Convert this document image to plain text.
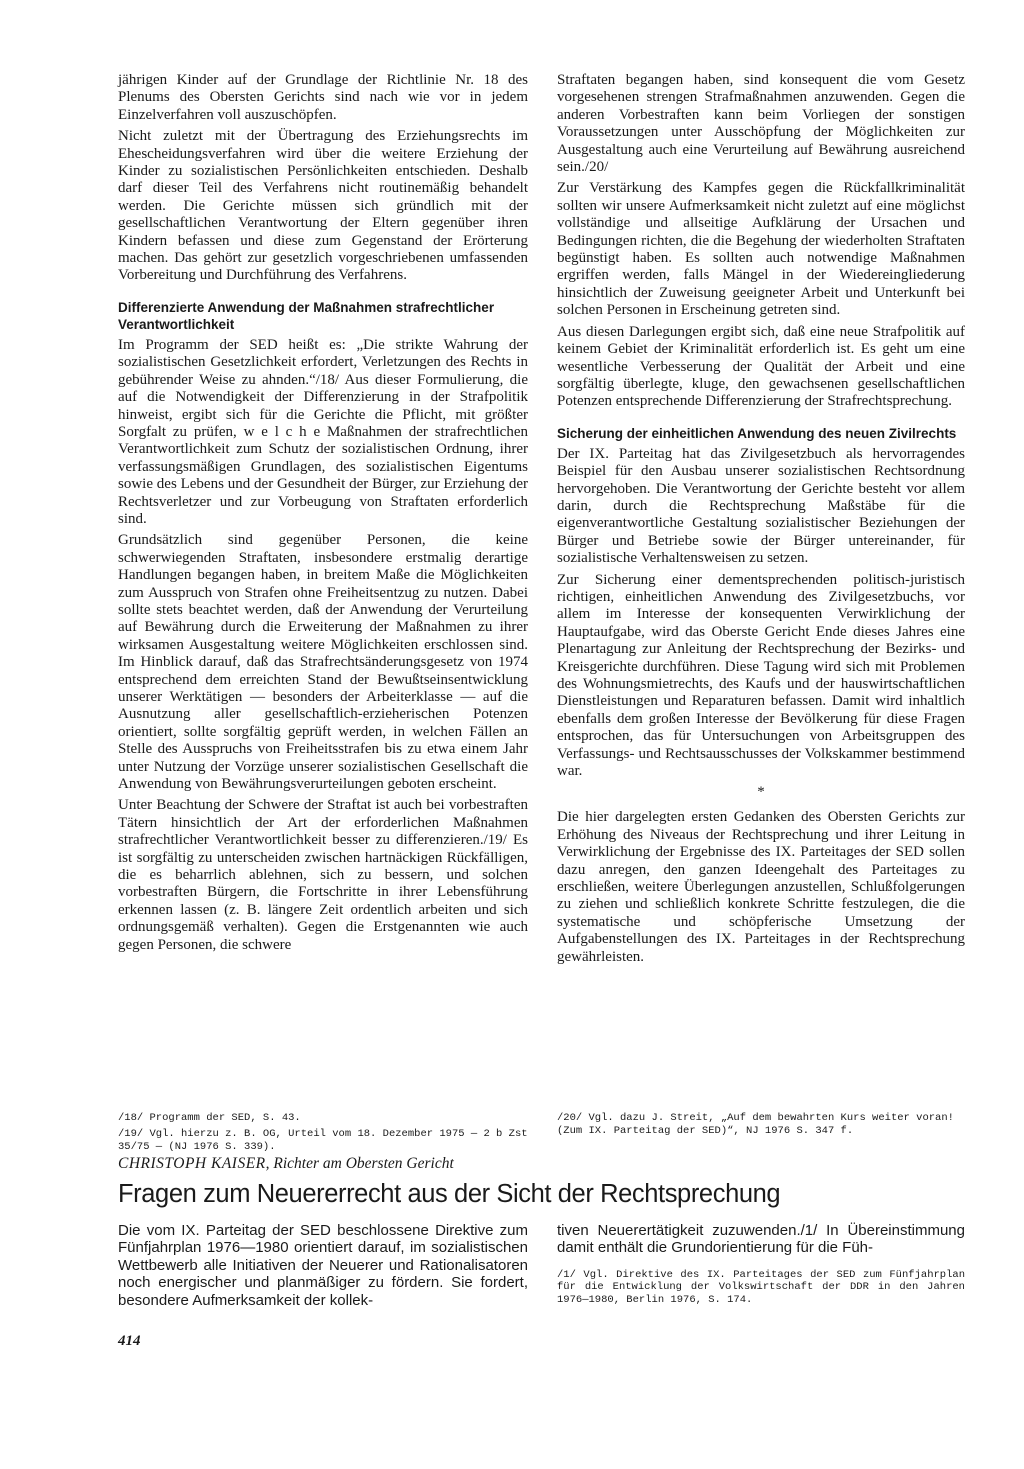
jährigen Kinder auf der Grundlage der Richtlinie Nr. 18 des Plenums des Obersten Gerichts sind nach wie vor in jedem Einzelverfahren voll auszuschöpfen.

Nicht zuletzt mit der Übertragung des Erziehungsrechts im Ehescheidungsverfahren wird über die weitere Erziehung der Kinder zu sozialistischen Persönlichkeiten entschieden. Deshalb darf dieser Teil des Verfahrens nicht routinemäßig behandelt werden. Die Gerichte müssen sich gründlich mit der gesellschaftlichen Verantwortung der Eltern gegenüber ihren Kindern befassen und diese zum Gegenstand der Erörterung machen. Das gehört zur gesetzlich vorgeschriebenen umfassenden Vorbereitung und Durchführung des Verfahrens.

Differenzierte Anwendung der Maßnahmen strafrechtlicher Verantwortlichkeit

Im Programm der SED heißt es: „Die strikte Wahrung der sozialistischen Gesetzlichkeit erfordert, Verletzungen des Rechts in gebührender Weise zu ahnden.“/18/ Aus dieser Formulierung, die auf die Notwendigkeit der Differenzierung in der Strafpolitik hinweist, ergibt sich für die Gerichte die Pflicht, mit größter Sorgfalt zu prüfen, w e l c h e Maßnahmen der strafrechtlichen Verantwortlichkeit zum Schutz der sozialistischen Ordnung, ihrer verfassungsmäßigen Grundlagen, des sozialistischen Eigentums sowie des Lebens und der Gesundheit der Bürger, zur Erziehung der Rechtsverletzer und zur Vorbeugung von Straftaten erforderlich sind.

Grundsätzlich sind gegenüber Personen, die keine schwerwiegenden Straftaten, insbesondere erstmalig derartige Handlungen begangen haben, in breitem Maße die Möglichkeiten zum Ausspruch von Strafen ohne Freiheitsentzug zu nutzen. Dabei sollte stets beachtet werden, daß der Anwendung der Verurteilung auf Bewährung durch die Erweiterung der Maßnahmen zu ihrer wirksamen Ausgestaltung weitere Möglichkeiten erschlossen sind. Im Hinblick darauf, daß das Strafrechtsänderungsgesetz von 1974 entsprechend dem erreichten Stand der Bewußtseinsentwicklung unserer Werktätigen — besonders der Arbeiterklasse — auf die Ausnutzung aller gesellschaftlich-erzieherischen Potenzen orientiert, sollte sorgfältig geprüft werden, in welchen Fällen an Stelle des Ausspruchs von Freiheitsstrafen bis zu etwa einem Jahr unter Nutzung der Vorzüge unserer sozialistischen Gesellschaft die Anwendung von Bewährungsverurteilungen geboten erscheint.

Unter Beachtung der Schwere der Straftat ist auch bei vorbestraften Tätern hinsichtlich der Art der erforderlichen Maßnahmen strafrechtlicher Verantwortlichkeit besser zu differenzieren./19/ Es ist sorgfältig zu unterscheiden zwischen hartnäckigen Rückfälligen, die es beharrlich ablehnen, sich zu bessern, und solchen vorbestraften Bürgern, die Fortschritte in ihrer Lebensführung erkennen lassen (z. B. längere Zeit ordentlich arbeiten und sich ordnungsgemäß verhalten). Gegen die Erstgenannten wie auch gegen Personen, die schwere

Straftaten begangen haben, sind konsequent die vom Gesetz vorgesehenen strengen Strafmaßnahmen anzuwenden. Gegen die anderen Vorbestraften kann beim Vorliegen der sonstigen Voraussetzungen unter Ausschöpfung der Möglichkeiten zur Ausgestaltung auch eine Verurteilung auf Bewährung ausreichend sein./20/

Zur Verstärkung des Kampfes gegen die Rückfallkriminalität sollten wir unsere Aufmerksamkeit nicht zuletzt auf eine möglichst vollständige und allseitige Aufklärung der Ursachen und Bedingungen richten, die die Begehung der wiederholten Straftaten begünstigt haben. Es sollten auch notwendige Maßnahmen ergriffen werden, falls Mängel in der Wiedereingliederung hinsichtlich der Zuweisung geeigneter Arbeit und Unterkunft bei solchen Personen in Erscheinung getreten sind.

Aus diesen Darlegungen ergibt sich, daß eine neue Strafpolitik auf keinem Gebiet der Kriminalität erforderlich ist. Es geht um eine wesentliche Verbesserung der Qualität der Arbeit und eine sorgfältig überlegte, kluge, den gewachsenen gesellschaftlichen Potenzen entsprechende Differenzierung der Strafrechtsprechung.

Sicherung der einheitlichen Anwendung des neuen Zivilrechts

Der IX. Parteitag hat das Zivilgesetzbuch als hervorragendes Beispiel für den Ausbau unserer sozialistischen Rechtsordnung hervorgehoben. Die Verantwortung der Gerichte besteht vor allem darin, durch die Rechtsprechung Maßstäbe für die eigenverantwortliche Gestaltung sozialistischer Beziehungen der Bürger und Betriebe sowie der Bürger untereinander, für sozialistische Verhaltensweisen zu setzen.

Zur Sicherung einer dementsprechenden politisch-juristisch richtigen, einheitlichen Anwendung des Zivilgesetzbuchs, vor allem im Interesse der konsequenten Verwirklichung der Hauptaufgabe, wird das Oberste Gericht Ende dieses Jahres eine Plenartagung zur Anleitung der Rechtsprechung der Bezirks- und Kreisgerichte durchführen. Diese Tagung wird sich mit Problemen des Wohnungsmietrechts, des Kaufs und der hauswirtschaftlichen Dienstleistungen und Reparaturen befassen. Damit wird inhaltlich ebenfalls dem großen Interesse der Bevölkerung für diese Fragen entsprochen, das für Untersuchungen von Arbeitsgruppen des Verfassungs- und Rechtsausschusses der Volkskammer bestimmend war.

*

Die hier dargelegten ersten Gedanken des Obersten Gerichts zur Erhöhung des Niveaus der Rechtsprechung und ihrer Leitung in Verwirklichung der Ergebnisse des IX. Parteitages der SED sollen dazu anregen, den ganzen Ideengehalt des Parteitages zu erschließen, weitere Überlegungen anzustellen, Schlußfolgerungen zu ziehen und schließlich konkrete Schritte festzulegen, die die systematische und schöpferische Umsetzung der Aufgabenstellungen des IX. Parteitages in der Rechtsprechung gewährleisten.

/18/ Programm der SED, S. 43.

/19/ Vgl. hierzu z. B. OG, Urteil vom 18. Dezember 1975 — 2 b Zst 35/75 — (NJ 1976 S. 339).

/20/ Vgl. dazu J. Streit, „Auf dem bewahrten Kurs weiter voran! (Zum IX. Parteitag der SED)“, NJ 1976 S. 347 f.

CHRISTOPH KAISER, Richter am Obersten Gericht
Fragen zum Neuererrecht aus der Sicht der Rechtsprechung

Die vom IX. Parteitag der SED beschlossene Direktive zum Fünfjahrplan 1976—1980 orientiert darauf, im sozialistischen Wettbewerb alle Initiativen der Neuerer und Rationalisatoren noch energischer und planmäßiger zu fördern. Sie fordert, besondere Aufmerksamkeit der kollek-

tiven Neuerertätigkeit zuzuwenden./1/ In Übereinstimmung damit enthält die Grundorientierung für die Füh-

/1/ Vgl. Direktive des IX. Parteitages der SED zum Fünfjahrplan für die Entwicklung der Volkswirtschaft der DDR in den Jahren 1976—1980, Berlin 1976, S. 174.

414
